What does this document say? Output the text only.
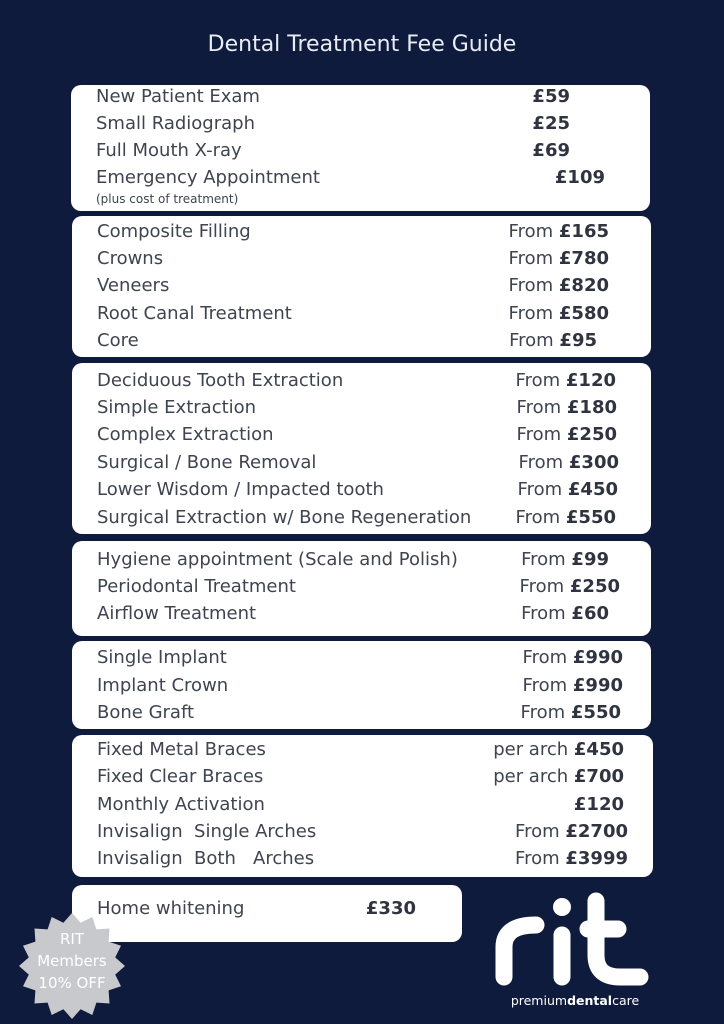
Dental Treatment Fee Guide
New Patient Exam	£59
Small Radiograph	£25
Full Mouth X-ray	£69
Emergency Appointment	£109
(plus cost of treatment)
Composite Filling	From £165
Crowns	From £780
Veneers	From £820
Root Canal Treatment	From £580
Core	From £95
Deciduous Tooth Extraction	From £120
Simple Extraction	From £180
Complex Extraction	From £250
Surgical / Bone Removal	From £300
Lower Wisdom / Impacted tooth	From £450
Surgical Extraction w/ Bone Regeneration From £550
Hygiene appointment (Scale and Polish)	From £99
Periodontal Treatment	From £250
Airflow Treatment	From £60
Single Implant	From £990
Implant Crown	From £990
Bone Graft	From £550
Fixed Metal Braces	per arch £450
Fixed Clear Braces	per arch £700
Monthly Activation	£120
Invisalign  Single Arches	From £2700
Invisalign  Both   Arches	From £3999
Home whitening	£330
RIT
Members
10% OFF
premiumdentalcare
